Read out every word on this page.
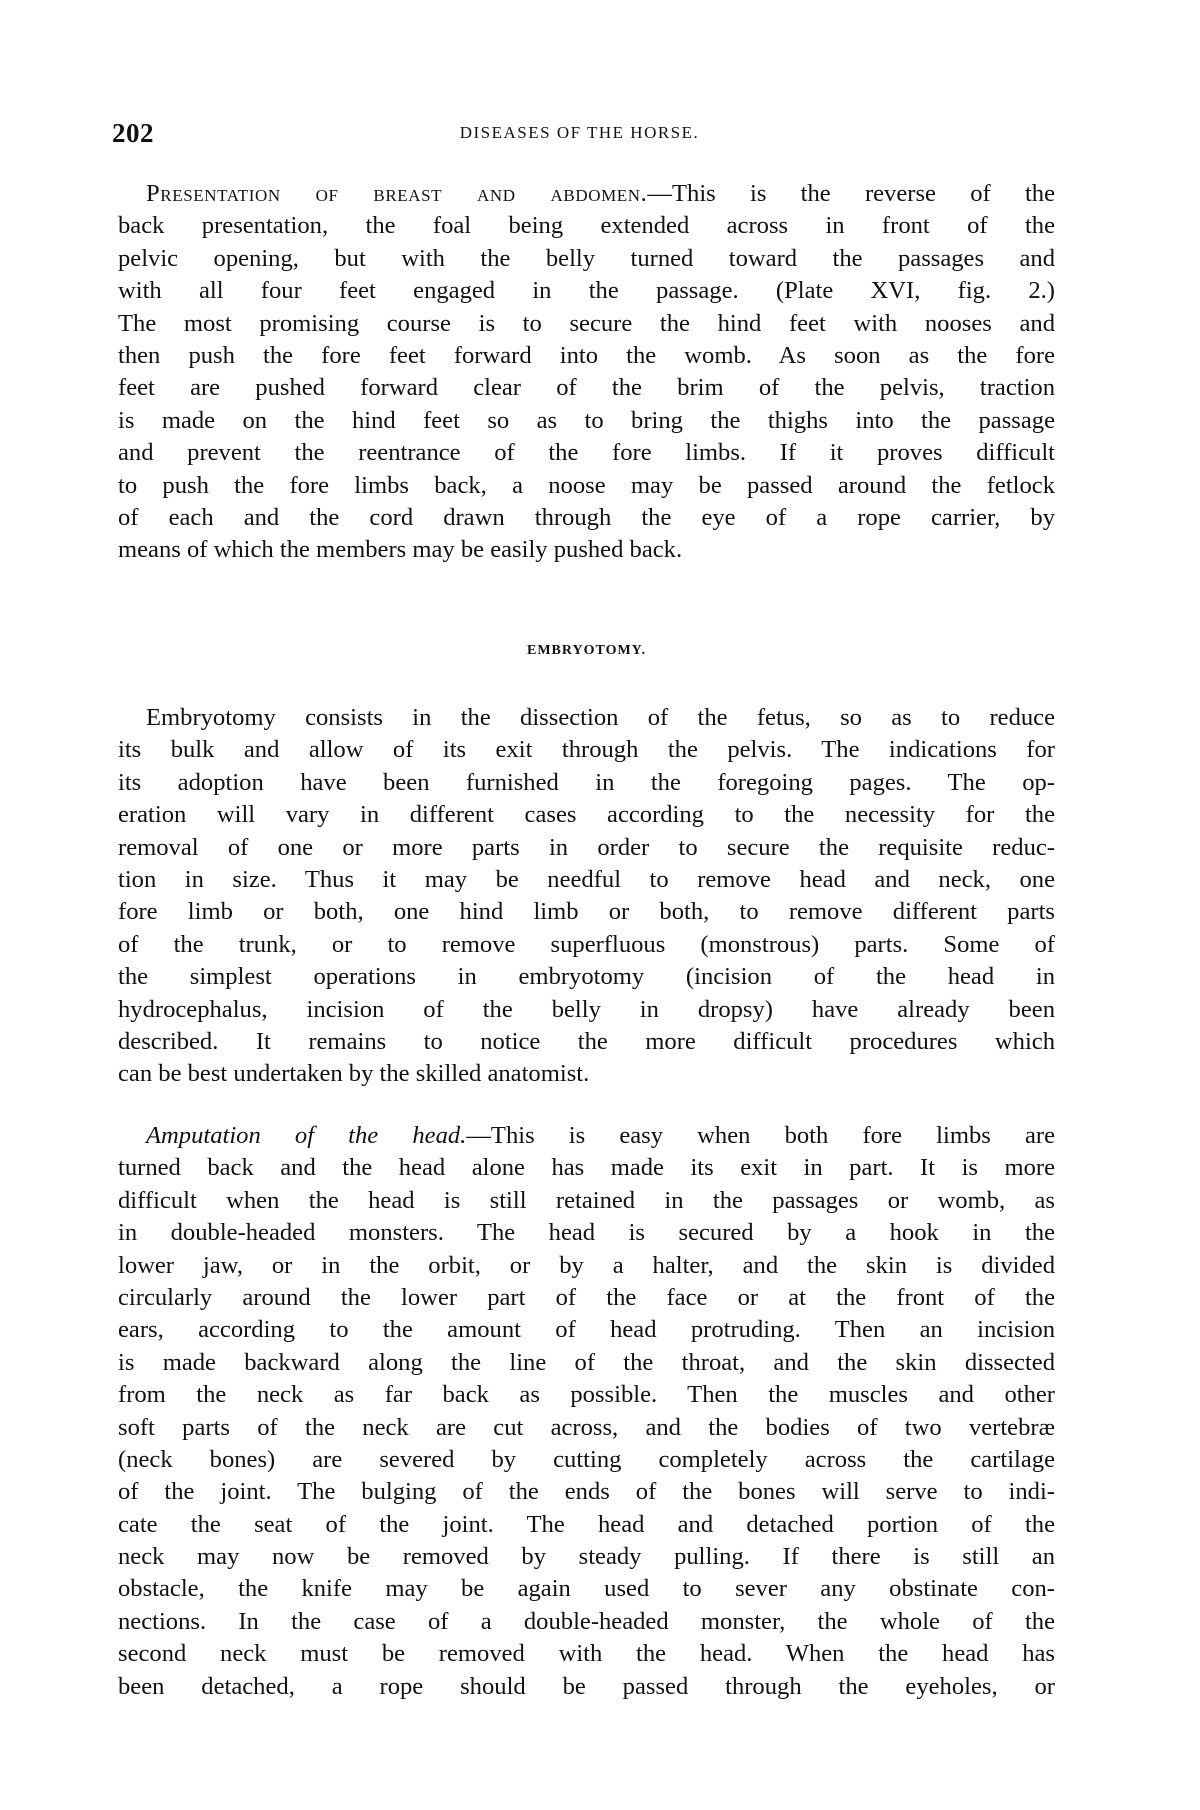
202	DISEASES OF THE HORSE.
Presentation of breast and abdomen.—This is the reverse of the
back presentation, the foal being extended across in front of the
pelvic opening, but with the belly turned toward the passages and
with all four feet engaged in the passage. (Plate XVI, fig. 2.)
The most promising course is to secure the hind feet with nooses and
then push the fore feet forward into the womb. As soon as the fore
feet are pushed forward clear of the brim of the pelvis, traction
is made on the hind feet so as to bring the thighs into the passage
and prevent the reentrance of the fore limbs. If it proves difficult
to push the fore limbs back, a noose may be passed around the fetlock
of each and the cord drawn through the eye of a rope carrier, by
means of which the members may be easily pushed back.
EMBRYOTOMY.
Embryotomy consists in the dissection of the fetus, so as to reduce
its bulk and allow of its exit through the pelvis. The indications for
its adoption have been furnished in the foregoing pages. The op-
eration will vary in different cases according to the necessity for the
removal of one or more parts in order to secure the requisite reduc-
tion in size. Thus it may be needful to remove head and neck, one
fore limb or both, one hind limb or both, to remove different parts
of the trunk, or to remove superfluous (monstrous) parts. Some of
the simplest operations in embryotomy (incision of the head in
hydrocephalus, incision of the belly in dropsy) have already been
described. It remains to notice the more difficult procedures which
can be best undertaken by the skilled anatomist.
Amputation of the head.—This is easy when both fore limbs are
turned back and the head alone has made its exit in part. It is more
difficult when the head is still retained in the passages or womb, as
in double-headed monsters. The head is secured by a hook in the
lower jaw, or in the orbit, or by a halter, and the skin is divided
circularly around the lower part of the face or at the front of the
ears, according to the amount of head protruding. Then an incision
is made backward along the line of the throat, and the skin dissected
from the neck as far back as possible. Then the muscles and other
soft parts of the neck are cut across, and the bodies of two vertebræ
(neck bones) are severed by cutting completely across the cartilage
of the joint. The bulging of the ends of the bones will serve to indi-
cate the seat of the joint. The head and detached portion of the
neck may now be removed by steady pulling. If there is still an
obstacle, the knife may be again used to sever any obstinate con-
nections. In the case of a double-headed monster, the whole of the
second neck must be removed with the head. When the head has
been detached, a rope should be passed through the eyeholes, or
